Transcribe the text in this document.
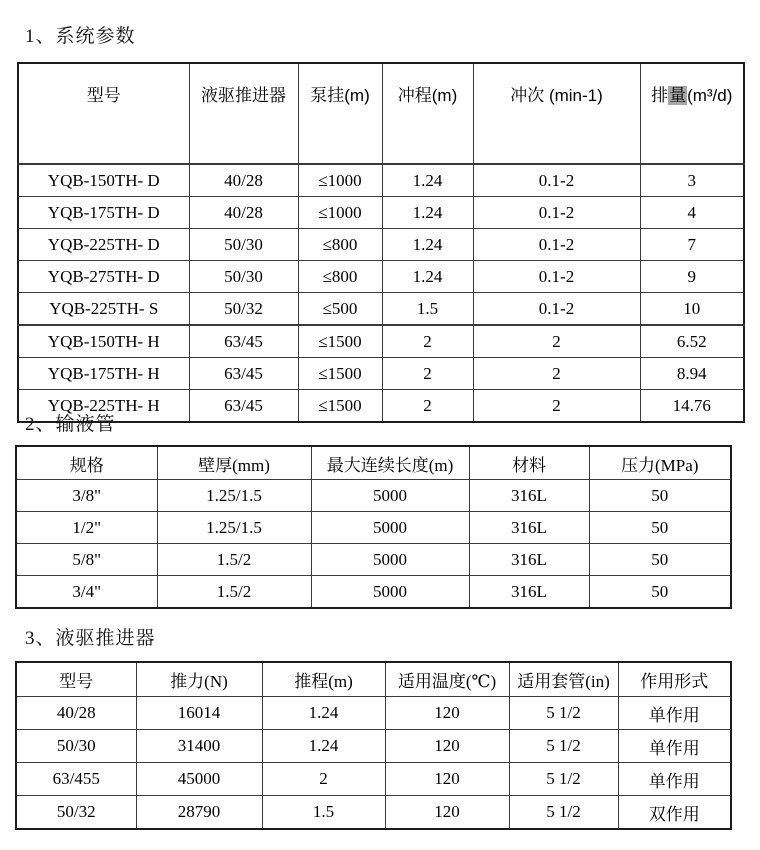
1、系统参数
型号	液驱推进器	泵挂(m)	冲程(m)	冲次 (min-1)	排量(m³/d)
YQB-150TH- D	40/28	≤1000	1.24	0.1-2	3
YQB-175TH- D	40/28	≤1000	1.24	0.1-2	4
YQB-225TH- D	50/30	≤800	1.24	0.1-2	7
YQB-275TH- D	50/30	≤800	1.24	0.1-2	9
YQB-225TH- S	50/32	≤500	1.5	0.1-2	10
YQB-150TH- H	63/45	≤1500	2	2	6.52
YQB-175TH- H	63/45	≤1500	2	2	8.94
YQB-225TH- H	63/45	≤1500	2	2	14.76
2、输液管
规格	壁厚(mm)	最大连续长度(m)	材料	压力(MPa)
3/8"	1.25/1.5	5000	316L	50
1/2"	1.25/1.5	5000	316L	50
5/8"	1.5/2	5000	316L	50
3/4"	1.5/2	5000	316L	50
3、液驱推进器
型号	推力(N)	推程(m)	适用温度(℃)	适用套管(in)	作用形式
40/28	16014	1.24	120	5 1/2	单作用
50/30	31400	1.24	120	5 1/2	单作用
63/455	45000	2	120	5 1/2	单作用
50/32	28790	1.5	120	5 1/2	双作用
